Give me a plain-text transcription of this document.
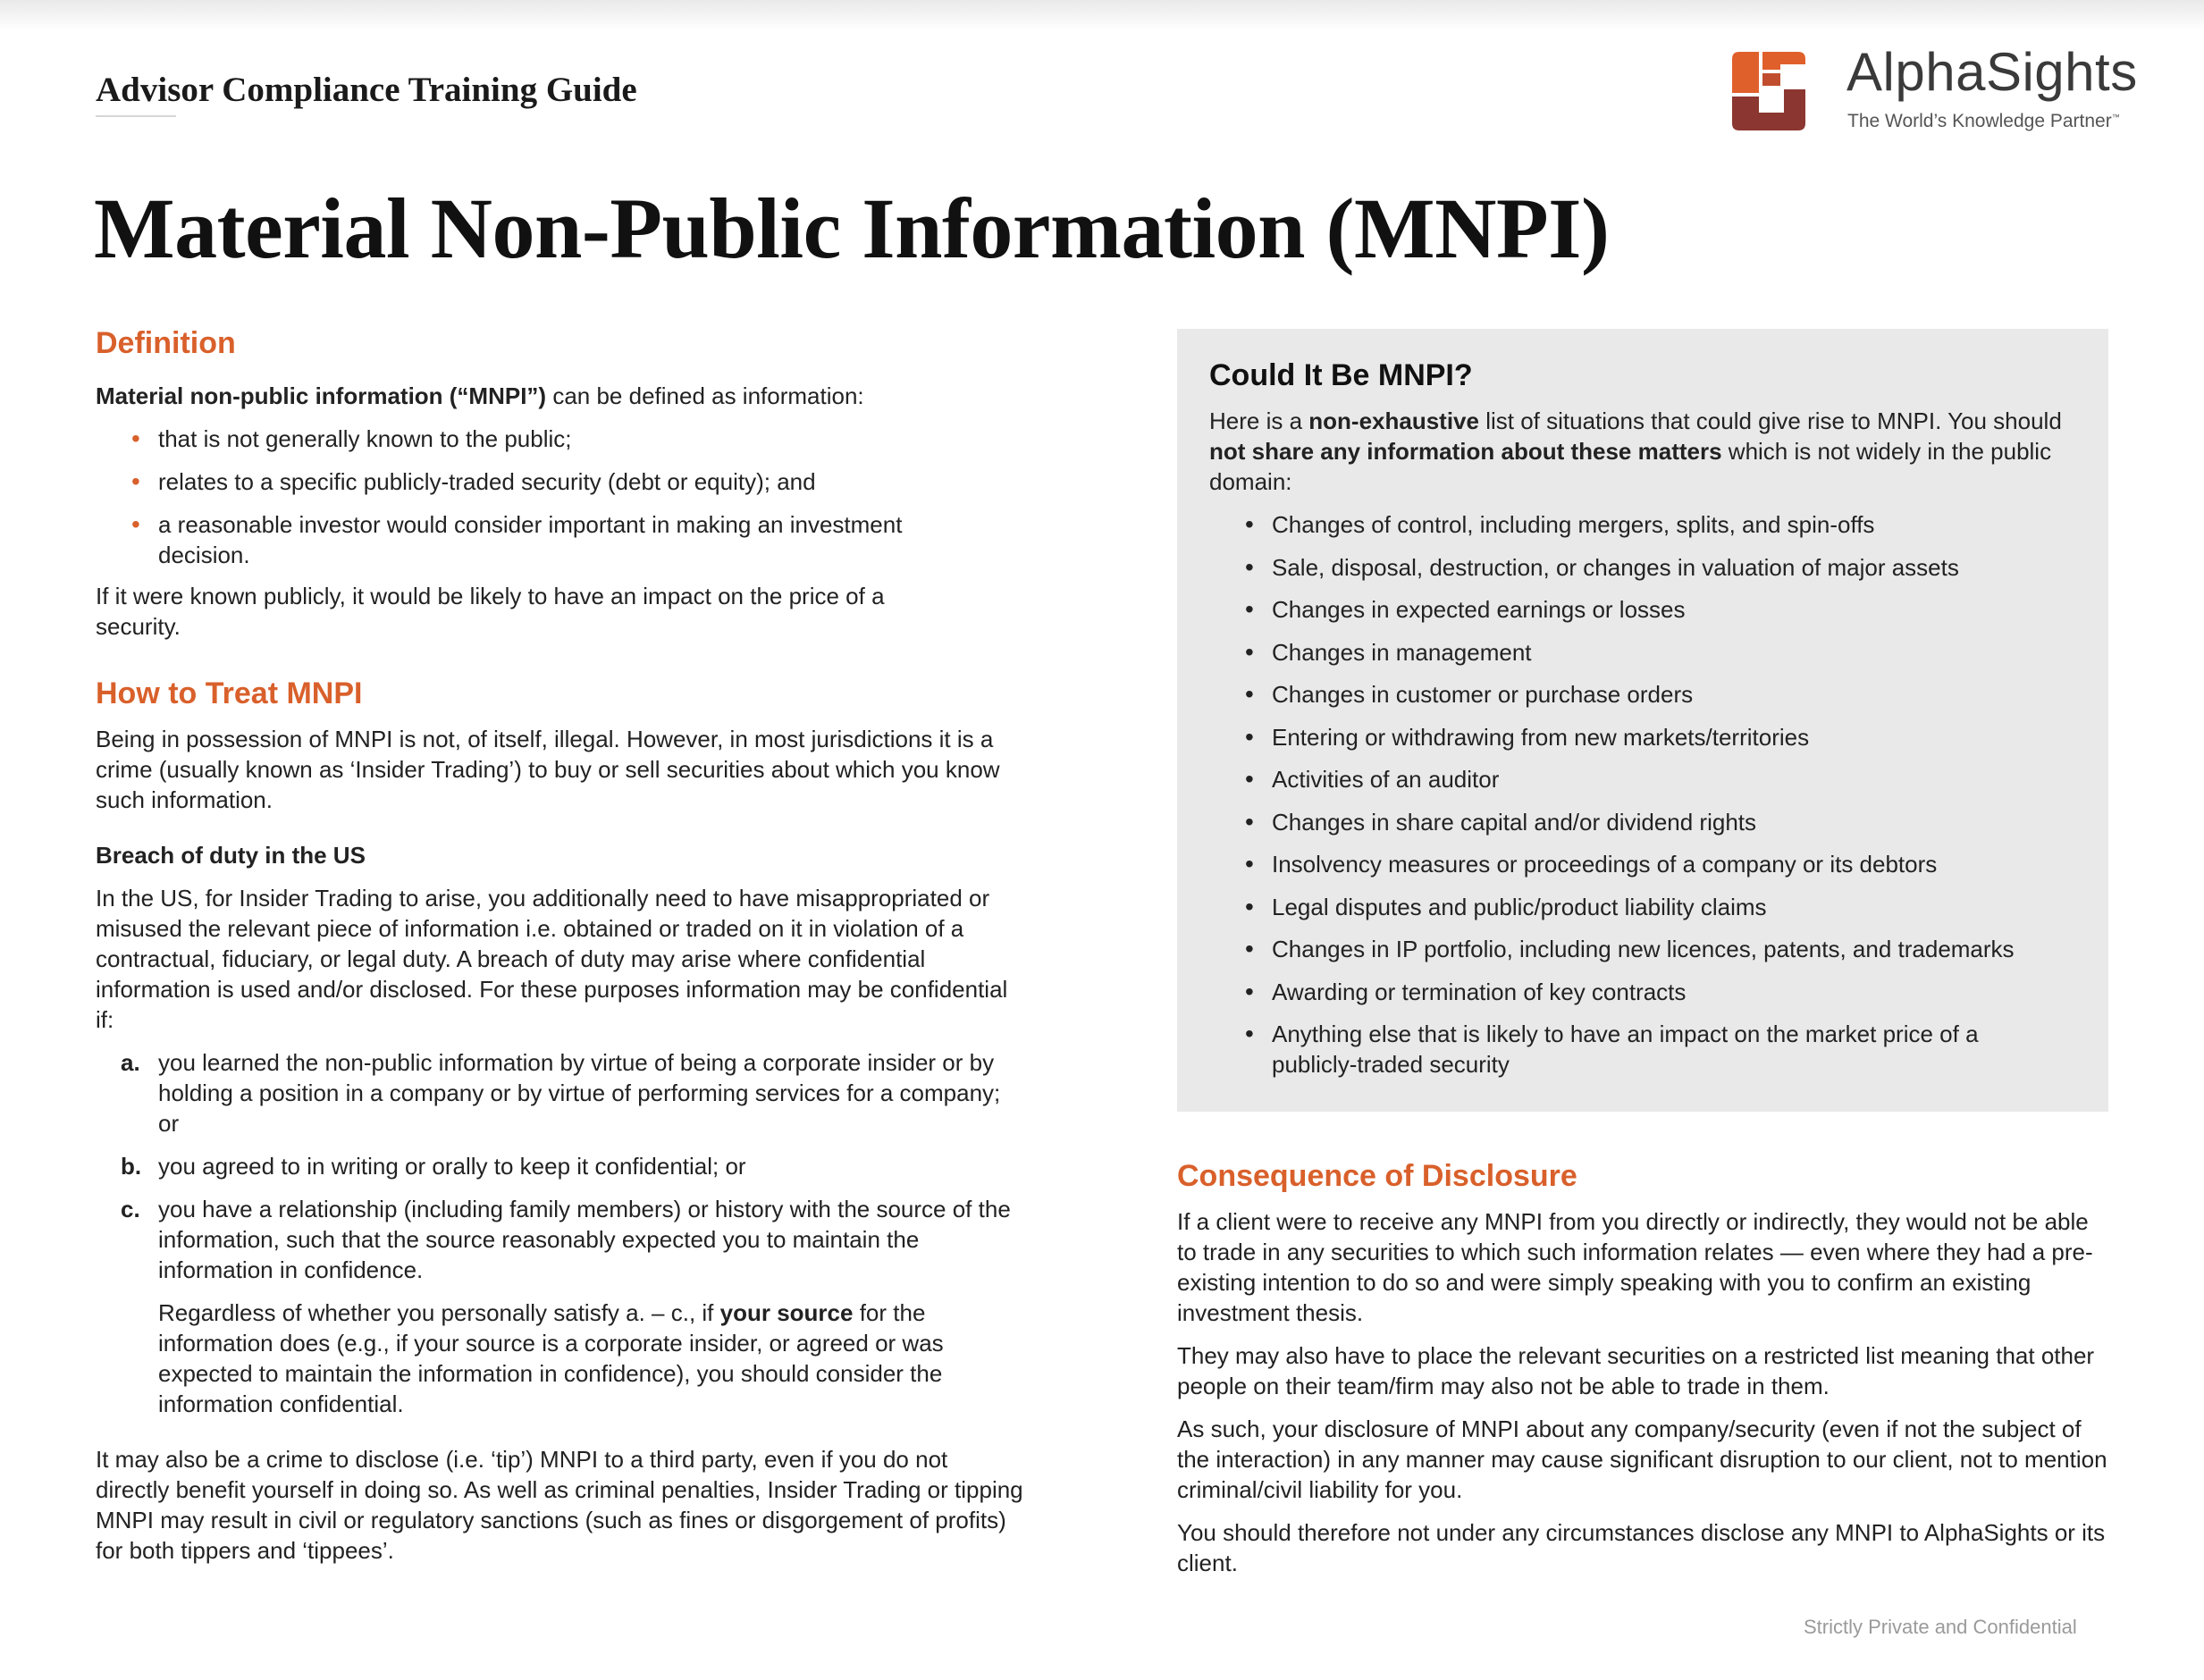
Advisor Compliance Training Guide	AlphaSights
The World’s Knowledge Partner™
Material Non-Public Information (MNPI)
Definition

Material non-public information (“MNPI”) can be defined as information:

• that is not generally known to the public;
• relates to a specific publicly-traded security (debt or equity); and
• a reasonable investor would consider important in making an investment decision.

If it were known publicly, it would be likely to have an impact on the price of a security.

How to Treat MNPI

Being in possession of MNPI is not, of itself, illegal. However, in most jurisdictions it is a crime (usually known as ‘Insider Trading’) to buy or sell securities about which you know such information.

Breach of duty in the US

In the US, for Insider Trading to arise, you additionally need to have misappropriated or misused the relevant piece of information i.e. obtained or traded on it in violation of a contractual, fiduciary, or legal duty. A breach of duty may arise where confidential information is used and/or disclosed. For these purposes information may be confidential if:

a. you learned the non-public information by virtue of being a corporate insider or by holding a position in a company or by virtue of performing services for a company; or
b. you agreed to in writing or orally to keep it confidential; or
c. you have a relationship (including family members) or history with the source of the information, such that the source reasonably expected you to maintain the information in confidence.

Regardless of whether you personally satisfy a. – c., if your source for the information does (e.g., if your source is a corporate insider, or agreed or was expected to maintain the information in confidence), you should consider the information confidential.

It may also be a crime to disclose (i.e. ‘tip’) MNPI to a third party, even if you do not directly benefit yourself in doing so. As well as criminal penalties, Insider Trading or tipping MNPI may result in civil or regulatory sanctions (such as fines or disgorgement of profits) for both tippers and ‘tippees’.

Could It Be MNPI?

Here is a non-exhaustive list of situations that could give rise to MNPI. You should not share any information about these matters which is not widely in the public domain:

• Changes of control, including mergers, splits, and spin-offs
• Sale, disposal, destruction, or changes in valuation of major assets
• Changes in expected earnings or losses
• Changes in management
• Changes in customer or purchase orders
• Entering or withdrawing from new markets/territories
• Activities of an auditor
• Changes in share capital and/or dividend rights
• Insolvency measures or proceedings of a company or its debtors
• Legal disputes and public/product liability claims
• Changes in IP portfolio, including new licences, patents, and trademarks
• Awarding or termination of key contracts
• Anything else that is likely to have an impact on the market price of a publicly-traded security
Consequence of Disclosure

If a client were to receive any MNPI from you directly or indirectly, they would not be able to trade in any securities to which such information relates — even where they had a pre-existing intention to do so and were simply speaking with you to confirm an existing investment thesis.

They may also have to place the relevant securities on a restricted list meaning that other people on their team/firm may also not be able to trade in them.

As such, your disclosure of MNPI about any company/security (even if not the subject of the interaction) in any manner may cause significant disruption to our client, not to mention criminal/civil liability for you.

You should therefore not under any circumstances disclose any MNPI to AlphaSights or its client.

Strictly Private and Confidential
